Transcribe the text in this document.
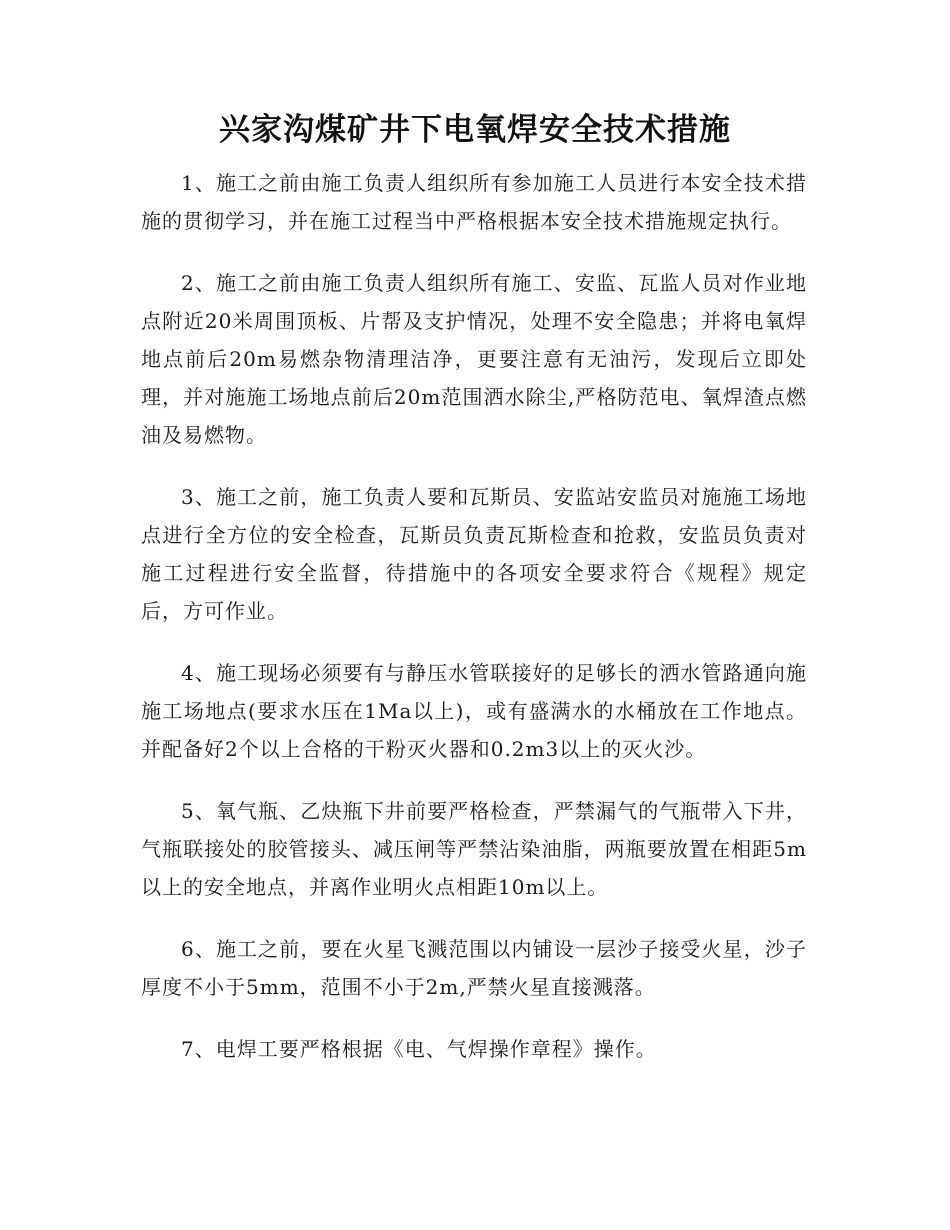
兴家沟煤矿井下电氧焊安全技术措施

1、施工之前由施工负责人组织所有参加施工人员进行本安全技术措施的贯彻学习，并在施工过程当中严格根据本安全技术措施规定执行。

2、施工之前由施工负责人组织所有施工、安监、瓦监人员对作业地点附近20米周围顶板、片帮及支护情况，处理不安全隐患；并将电氧焊地点前后20m易燃杂物清理洁净，更要注意有无油污，发现后立即处理，并对施施工场地点前后20m范围洒水除尘,严格防范电、氧焊渣点燃油及易燃物。

3、施工之前，施工负责人要和瓦斯员、安监站安监员对施施工场地点进行全方位的安全检查，瓦斯员负责瓦斯检查和抢救，安监员负责对施工过程进行安全监督，待措施中的各项安全要求符合《规程》规定后，方可作业。

4、施工现场必须要有与静压水管联接好的足够长的洒水管路通向施施工场地点(要求水压在1Ma以上)，或有盛满水的水桶放在工作地点。并配备好2个以上合格的干粉灭火器和0.2m3以上的灭火沙。

5、氧气瓶、乙炔瓶下井前要严格检查，严禁漏气的气瓶带入下井，气瓶联接处的胶管接头、减压闸等严禁沾染油脂，两瓶要放置在相距5m以上的安全地点，并离作业明火点相距10m以上。

6、施工之前，要在火星飞溅范围以内铺设一层沙子接受火星，沙子厚度不小于5mm，范围不小于2m,严禁火星直接溅落。

7、电焊工要严格根据《电、气焊操作章程》操作。
